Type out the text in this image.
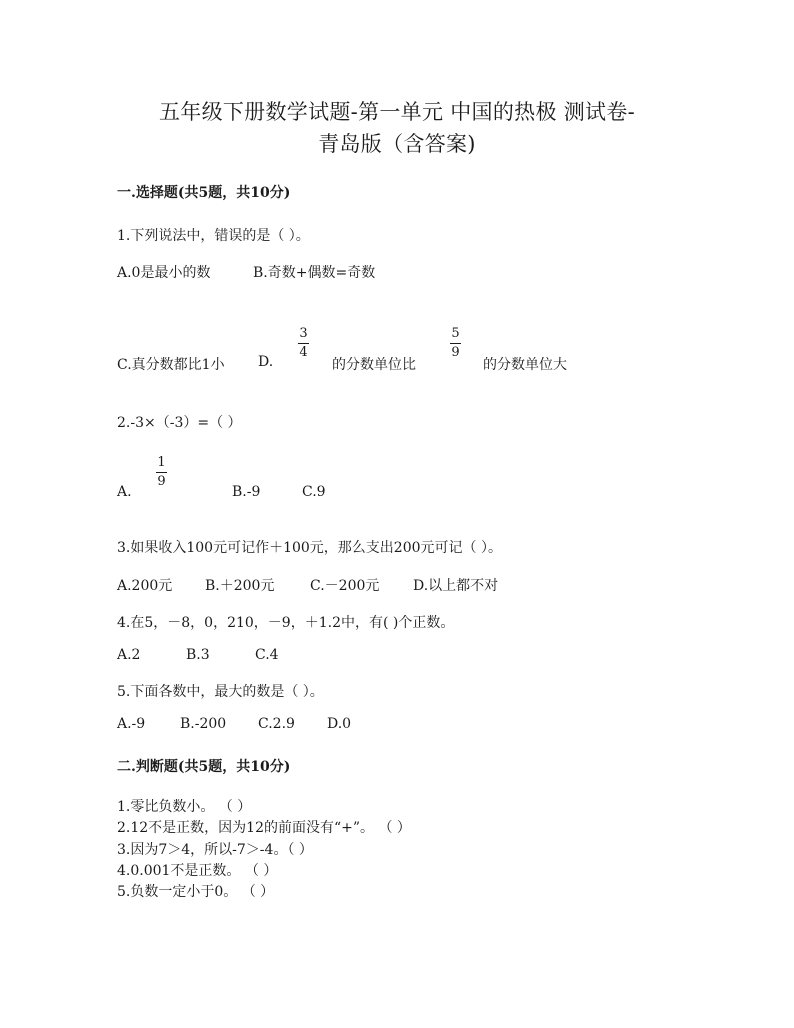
五年级下册数学试题-第一单元 中国的热极 测试卷-
青岛版（含答案)
一.选择题(共5题，共10分)
1.下列说法中，错误的是（ ）。
A.0是最小的数	B.奇数+偶数=奇数
C.真分数都比1小 D.
3
4
的分数单位比
5
9
的分数单位大
2.-3×（-3）=（ ）
A.
1
9
B.-9	C.9
3.如果收入100元可记作＋100元，那么支出200元可记（ ）。
A.200元 B.＋200元	C.－200元 D.以上都不对
4.在5，－8，0，210，－9，＋1.2中，有( )个正数。
A.2	B.3	C.4
5.下面各数中，最大的数是（ ）。
A.-9 B.-200 C.2.9 D.0
二.判断题(共5题，共10分)
1.零比负数小。 （ ）
2.12不是正数，因为12的前面没有“+”。 （ ）
3.因为7＞4，所以-7＞-4。（ ）
4.0.001不是正数。 （ ）
5.负数一定小于0。 （ ）
